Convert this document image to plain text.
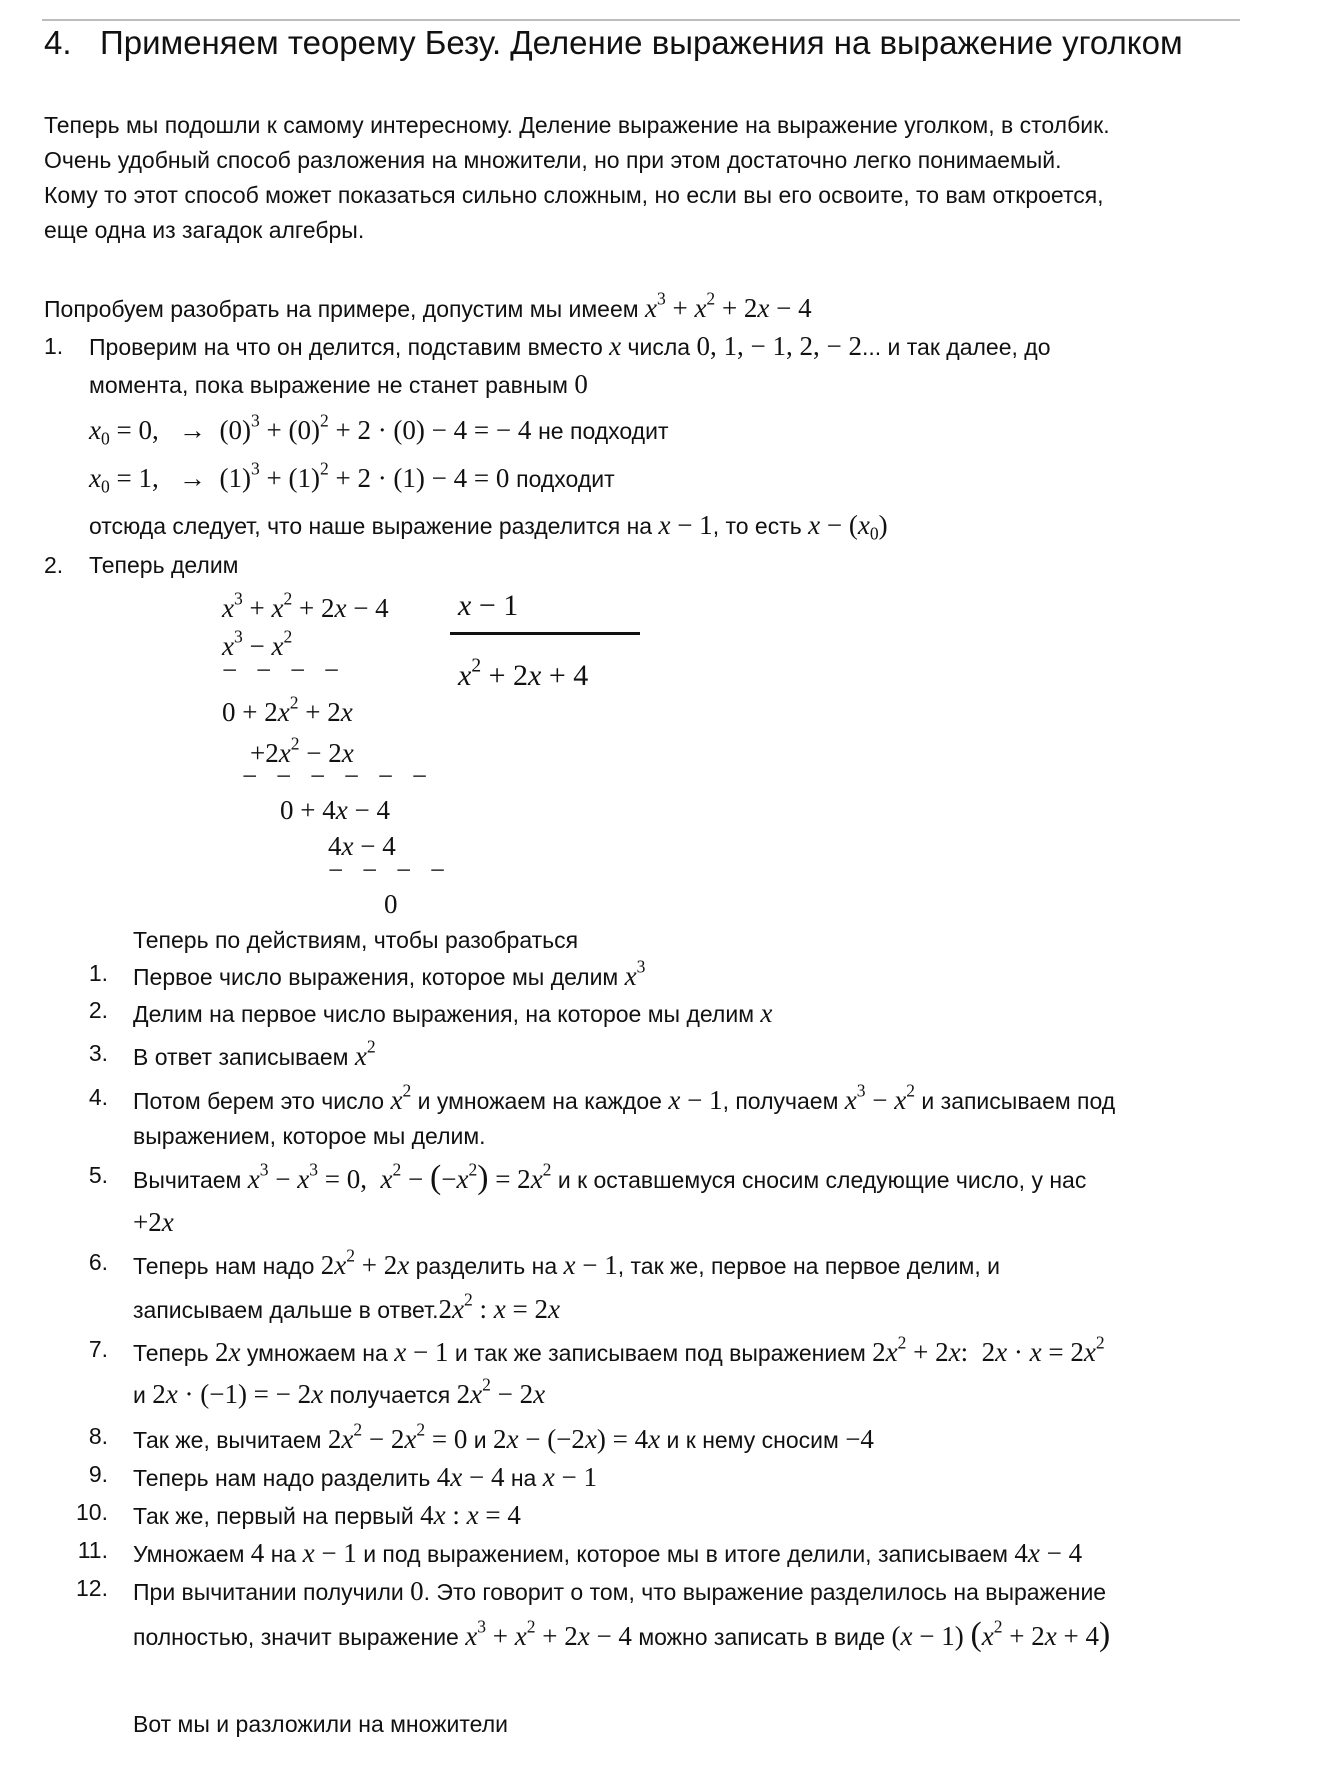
4. Применяем теорему Безу. Деление выражения на выражение уголком
Теперь мы подошли к самому интересному. Деление выражение на выражение уголком, в столбик.
Очень удобный способ разложения на множители, но при этом достаточно легко понимаемый.
Кому то этот способ может показаться сильно сложным, но если вы его освоите, то вам откроется,
еще одна из загадок алгебры.
Попробуем разобрать на примере, допустим мы имеем $x^3 + x^2 + 2x - 4$
1. Проверим на что он делится, подставим вместо x числа 0, 1, − 1, 2, − 2... и так далее, до
момента, пока выражение не станет равным 0
$x_0 = 0$,   →  $(0)^3 + (0)^2 + 2 \cdot (0) - 4$ = − 4 не подходит
$x_0 = 1$,   →  $(1)^3 + (1)^2 + 2 \cdot (1) - 4 = 0$ подходит
отсюда следует, что наше выражение разделится на x − 1, то есть $x - (x_0)$
2. Теперь делим
$x^3 + x^2 + 2x - 4$ x − 1
$x^2 + 2x + 4$
$x^3 - x^2$
− − − −
$0 + 2x^2 + 2x$
$+2x^2 - 2x$
− − − − − −
0 + 4x − 4
4x − 4
− − − −
0
Теперь по действиям, чтобы разобраться
1. Первое число выражения, которое мы делим $x^3$
2. Делим на первое число выражения, на которое мы делим x
3. В ответ записываем $x^2$
4. Потом берем это число $x^2$ и умножаем на каждое x − 1, получаем $x^3 - x^2$ и записываем под
выражением, которое мы делим.
5. Вычитаем $x^3 - x^3 = 0$,  $x^2 - (-x^2) = 2x^2$ и к оставшемуся сносим следующие число, у нас
+2x
6. Теперь нам надо $2x^2 + 2x$ разделить на x − 1, так же, первое на первое делим, и
записываем дальше в $ответ.2x^2$ : x = 2x
7. Теперь 2x умножаем на x − 1 и так же записываем под выражением $2x^2 + 2x$:  $2x \cdot x = 2x^2$
и 2x · (−1) = − 2x получается $2x^2 - 2x$
8. Так же, вычитаем $2x^2 - 2x^2 = 0$ и 2x − (−2x) = 4x и к нему сносим −4
9. Теперь нам надо разделить 4x − 4 на x − 1
10. Так же, первый на первый 4x : x = 4
11. Умножаем 4 на x − 1 и под выражением, которое мы в итоге делили, записываем 4x − 4
12. При вычитании получили 0. Это говорит о том, что выражение разделилось на выражение
полностью, значит выражение $x^3 + x^2 + 2x - 4$ можно записать в виде (x − 1) $(x^2 + 2x + 4)$
Вот мы и разложили на множители
